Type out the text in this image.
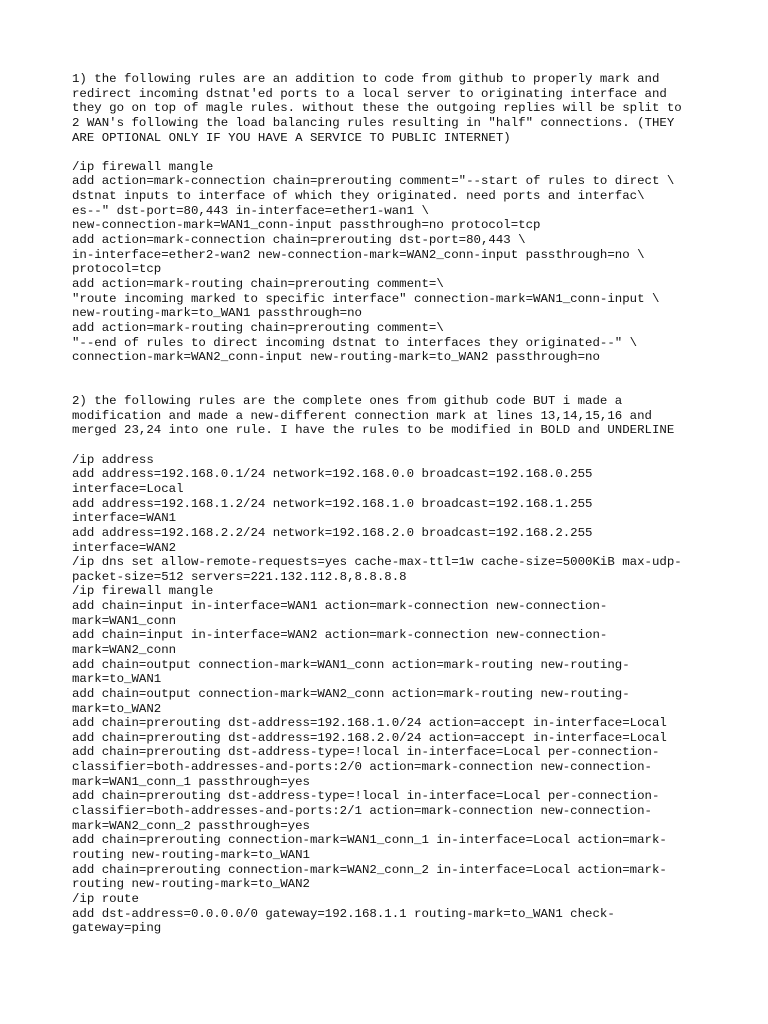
1) the following rules are an addition to code from github to properly mark and
redirect incoming dstnat'ed ports to a local server to originating interface and
they go on top of magle rules. without these the outgoing replies will be split to
2 WAN's following the load balancing rules resulting in "half" connections. (THEY
ARE OPTIONAL ONLY IF YOU HAVE A SERVICE TO PUBLIC INTERNET)
/ip firewall mangle
add action=mark-connection chain=prerouting comment="--start of rules to direct \
dstnat inputs to interface of which they originated. need ports and interfac\
es--" dst-port=80,443 in-interface=ether1-wan1 \
new-connection-mark=WAN1_conn-input passthrough=no protocol=tcp
add action=mark-connection chain=prerouting dst-port=80,443 \
in-interface=ether2-wan2 new-connection-mark=WAN2_conn-input passthrough=no \
protocol=tcp
add action=mark-routing chain=prerouting comment=\
"route incoming marked to specific interface" connection-mark=WAN1_conn-input \
new-routing-mark=to_WAN1 passthrough=no
add action=mark-routing chain=prerouting comment=\
"--end of rules to direct incoming dstnat to interfaces they originated--" \
connection-mark=WAN2_conn-input new-routing-mark=to_WAN2 passthrough=no
2) the following rules are the complete ones from github code BUT i made a
modification and made a new-different connection mark at lines 13,14,15,16 and
merged 23,24 into one rule. I have the rules to be modified in BOLD and UNDERLINE
/ip address
add address=192.168.0.1/24 network=192.168.0.0 broadcast=192.168.0.255
interface=Local
add address=192.168.1.2/24 network=192.168.1.0 broadcast=192.168.1.255
interface=WAN1
add address=192.168.2.2/24 network=192.168.2.0 broadcast=192.168.2.255
interface=WAN2
/ip dns set allow-remote-requests=yes cache-max-ttl=1w cache-size=5000KiB max-udp-
packet-size=512 servers=221.132.112.8,8.8.8.8
/ip firewall mangle
add chain=input in-interface=WAN1 action=mark-connection new-connection-
mark=WAN1_conn
add chain=input in-interface=WAN2 action=mark-connection new-connection-
mark=WAN2_conn
add chain=output connection-mark=WAN1_conn action=mark-routing new-routing-
mark=to_WAN1
add chain=output connection-mark=WAN2_conn action=mark-routing new-routing-
mark=to_WAN2
add chain=prerouting dst-address=192.168.1.0/24 action=accept in-interface=Local
add chain=prerouting dst-address=192.168.2.0/24 action=accept in-interface=Local
add chain=prerouting dst-address-type=!local in-interface=Local per-connection-
classifier=both-addresses-and-ports:2/0 action=mark-connection new-connection-
mark=WAN1_conn_1 passthrough=yes
add chain=prerouting dst-address-type=!local in-interface=Local per-connection-
classifier=both-addresses-and-ports:2/1 action=mark-connection new-connection-
mark=WAN2_conn_2 passthrough=yes
add chain=prerouting connection-mark=WAN1_conn_1 in-interface=Local action=mark-
routing new-routing-mark=to_WAN1
add chain=prerouting connection-mark=WAN2_conn_2 in-interface=Local action=mark-
routing new-routing-mark=to_WAN2
/ip route
add dst-address=0.0.0.0/0 gateway=192.168.1.1 routing-mark=to_WAN1 check-
gateway=ping
